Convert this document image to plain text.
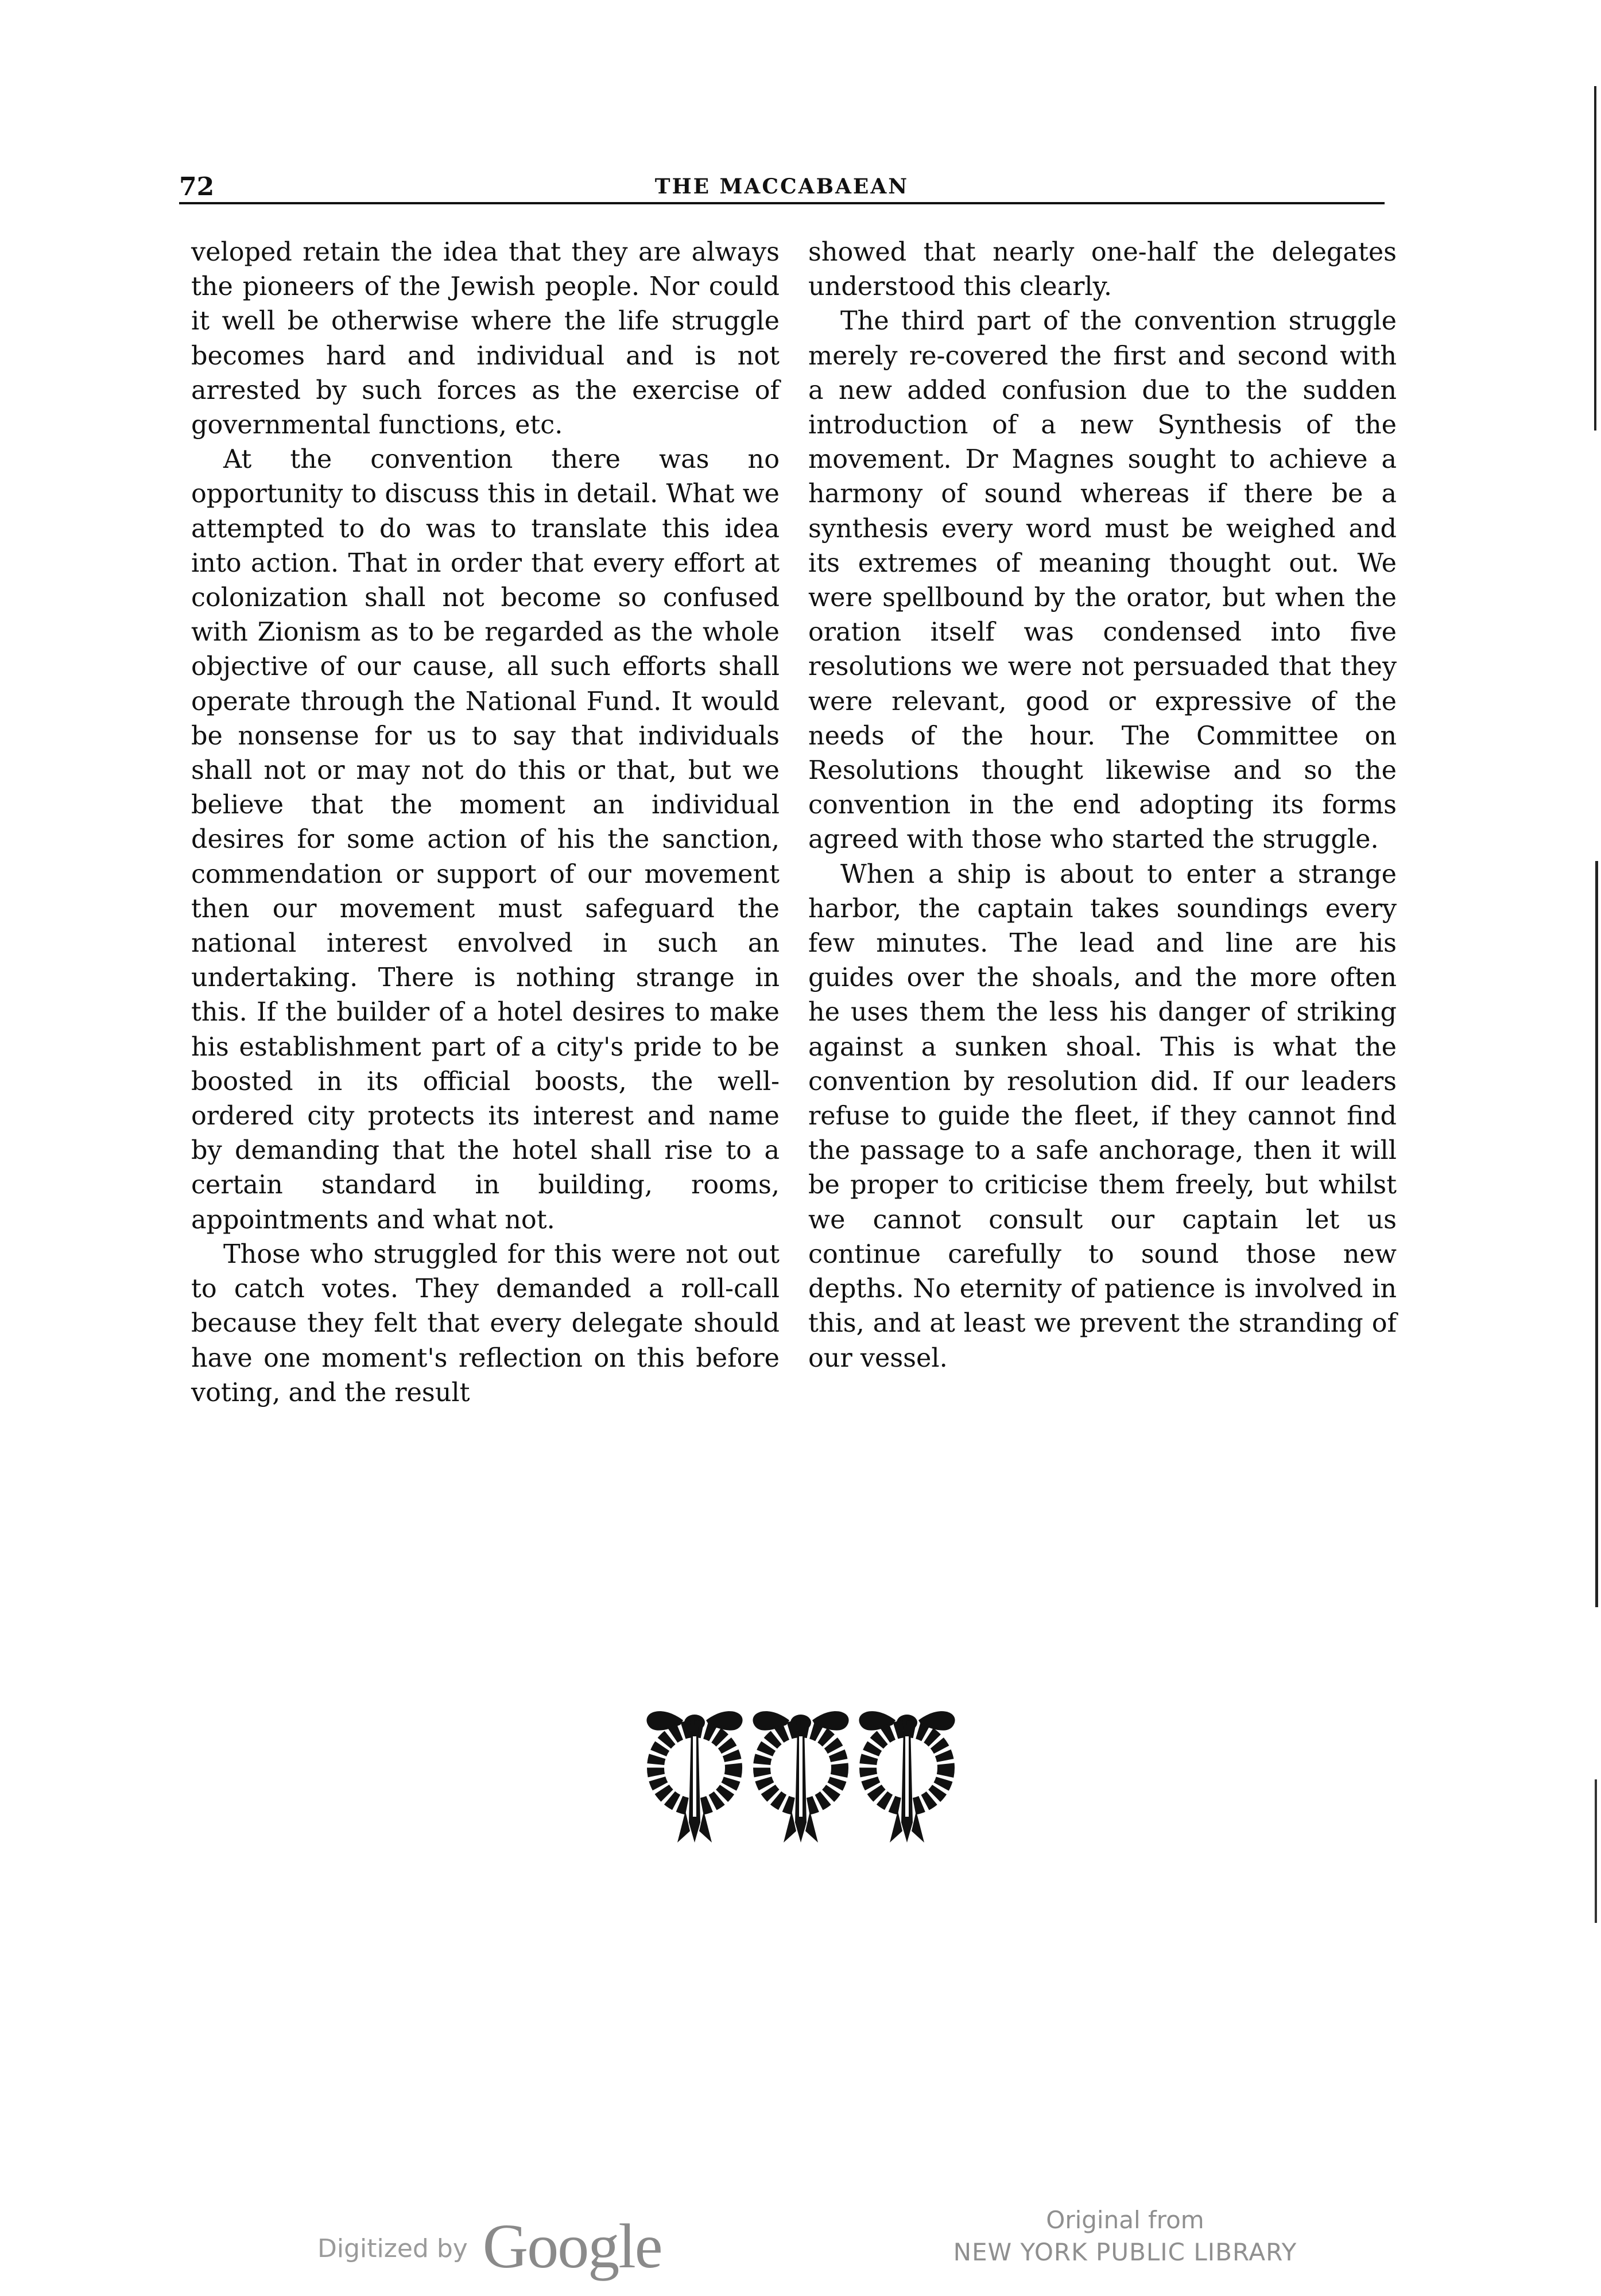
72	THE MACCABAEAN

veloped retain the idea that they are always the pioneers of the Jewish people. Nor could it well be otherwise where the life struggle becomes hard and individual and is not arrested by such forces as the exercise of governmental functions, etc.

At the convention there was no opportunity to discuss this in detail. What we attempted to do was to translate this idea into action. That in order that every effort at colonization shall not become so confused with Zionism as to be regarded as the whole objective of our cause, all such efforts shall operate through the National Fund. It would be nonsense for us to say that individuals shall not or may not do this or that, but we believe that the moment an individual desires for some action of his the sanction, commendation or support of our movement then our movement must safeguard the national interest envolved in such an undertaking. There is nothing strange in this. If the builder of a hotel desires to make his establishment part of a city's pride to be boosted in its official boosts, the well-ordered city protects its interest and name by demanding that the hotel shall rise to a certain standard in building, rooms, appointments and what not.

Those who struggled for this were not out to catch votes. They demanded a roll-call because they felt that every delegate should have one moment's reflection on this before voting, and the result

showed that nearly one-half the delegates understood this clearly.

The third part of the convention struggle merely re-covered the first and second with a new added confusion due to the sudden introduction of a new Synthesis of the movement. Dr Magnes sought to achieve a harmony of sound whereas if there be a synthesis every word must be weighed and its extremes of meaning thought out. We were spellbound by the orator, but when the oration itself was condensed into five resolutions we were not persuaded that they were relevant, good or expressive of the needs of the hour. The Committee on Resolutions thought likewise and so the convention in the end adopting its forms agreed with those who started the struggle.

When a ship is about to enter a strange harbor, the captain takes soundings every few minutes. The lead and line are his guides over the shoals, and the more often he uses them the less his danger of striking against a sunken shoal. This is what the convention by resolution did. If our leaders refuse to guide the fleet, if they cannot find the passage to a safe anchorage, then it will be proper to criticise them freely, but whilst we cannot consult our captain let us continue carefully to sound those new depths. No eternity of patience is involved in this, and at least we prevent the stranding of our vessel.

Digitized by Google	Original from
NEW YORK PUBLIC LIBRARY
